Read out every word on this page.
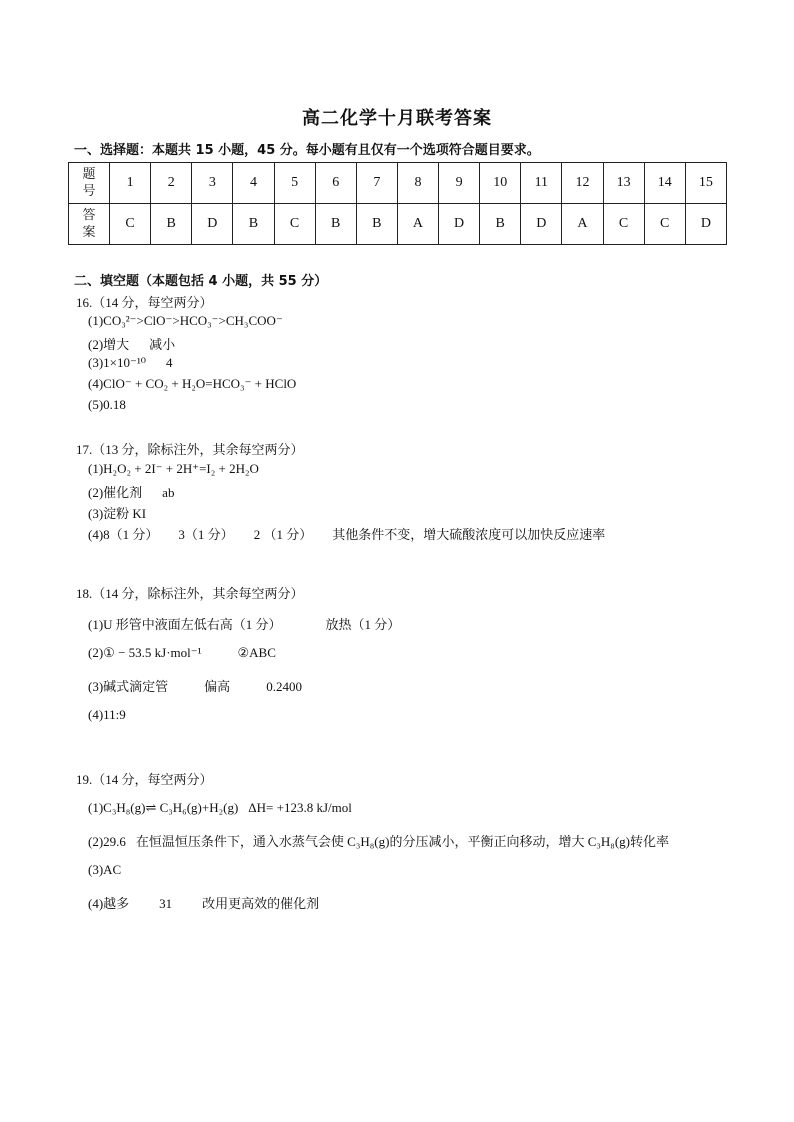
高二化学十月联考答案
一、选择题：本题共 15 小题，45 分。每小题有且仅有一个选项符合题目要求。
题
号	1	2	3	4	5	6	7	8	9	10	11	12	13	14	15
答
案	C	B	D	B	C	B	B	A	D	B	D	A	C	C	D
二、填空题（本题包括 4 小题，共 55 分）
16.（14 分，每空两分）
(1)CO₃²⁻>ClO⁻>HCO₃⁻>CH₃COO⁻
(2)增大 减小
(3)1×10⁻¹⁰ 4
(4)ClO⁻ + CO₂ + H₂O=HCO₃⁻ + HClO
(5)0.18
17.（13 分，除标注外，其余每空两分）
(1)H₂O₂ + 2I⁻ + 2H⁺=I₂ + 2H₂O
(2)催化剂 ab
(3)淀粉 KI
(4)8（1 分） 3（1 分） 2 （1 分） 其他条件不变，增大硫酸浓度可以加快反应速率
18.（14 分，除标注外，其余每空两分）
(1)U 形管中液面左低右高（1 分）	放热（1 分）
(2)① − 53.5 kJ·mol⁻¹	②ABC
(3)碱式滴定管	偏高	0.2400
(4)11:9
19.（14 分，每空两分）
(1)C₃H₈(g)⇌ C₃H₆(g)+H₂(g) ΔH= +123.8 kJ/mol
(2)29.6 在恒温恒压条件下，通入水蒸气会使 C₃H₈(g)的分压减小，平衡正向移动，增大 C₃H₈(g)转化率
(3)AC
(4)越多 31 改用更高效的催化剂
